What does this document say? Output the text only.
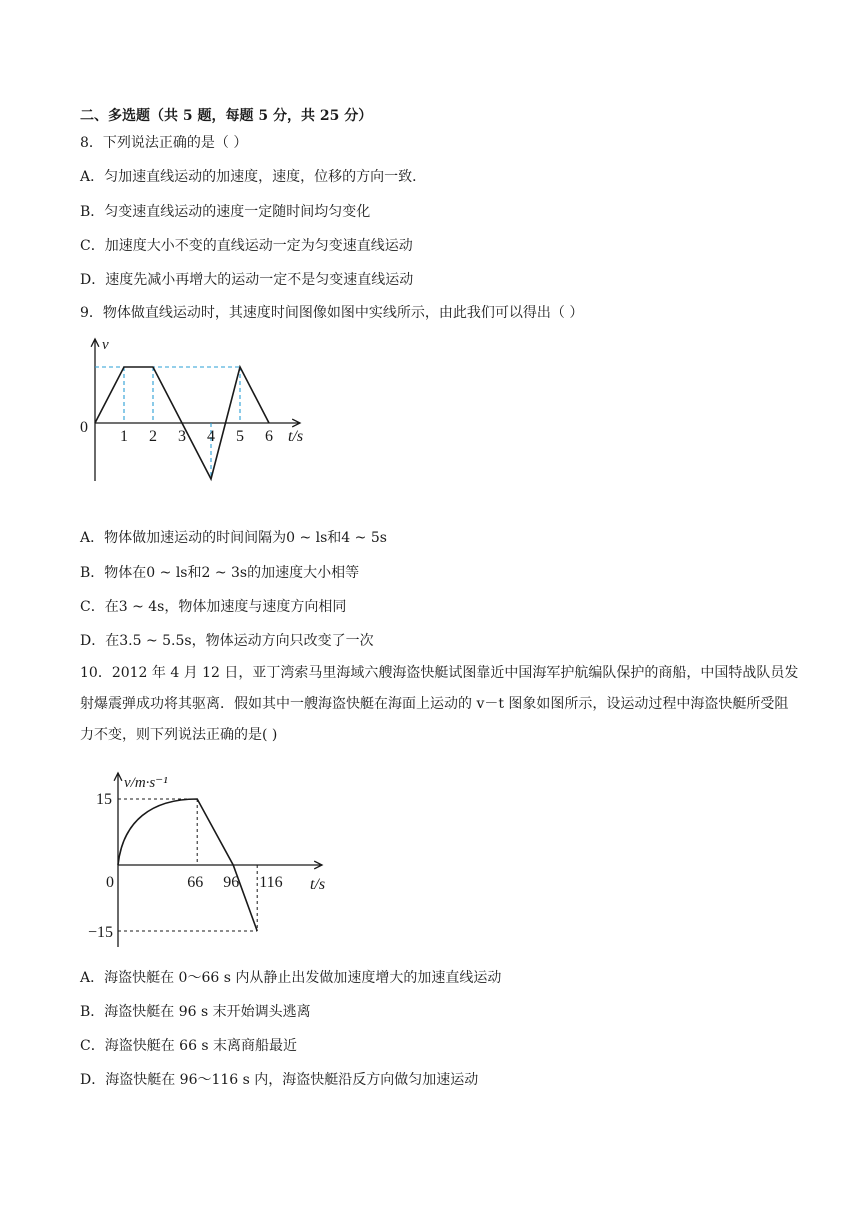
二、多选题（共 5 题，每题 5 分，共 25 分）
8．下列说法正确的是（ ）
A．匀加速直线运动的加速度，速度，位移的方向一致．
B．匀变速直线运动的速度一定随时间均匀变化
C．加速度大小不变的直线运动一定为匀变速直线运动
D．速度先减小再增大的运动一定不是匀变速直线运动
9．物体做直线运动时，其速度时间图像如图中实线所示，由此我们可以得出（ ）
v
0
t/s
1 2 3 4 5 6
A．物体做加速运动的时间间隔为0 ~ ls和4 ~ 5s
B．物体在0 ~ ls和2 ~ 3s的加速度大小相等
C．在3 ~ 4s，物体加速度与速度方向相同
D．在3.5 ~ 5.5s，物体运动方向只改变了一次
10．2012 年 4 月 12 日，亚丁湾索马里海域六艘海盗快艇试图靠近中国海军护航编队保护的商船，中国特战队员发射爆震弹成功将其驱离．假如其中一艘海盗快艇在海面上运动的 v－t 图象如图所示，设运动过程中海盗快艇所受阻力不变，则下列说法正确的是( )
v/m·s⁻¹
0	t/s
66 96 116
15
−15
A．海盗快艇在 0～66 s 内从静止出发做加速度增大的加速直线运动
B．海盗快艇在 96 s 末开始调头逃离
C．海盗快艇在 66 s 末离商船最近
D．海盗快艇在 96～116 s 内，海盗快艇沿反方向做匀加速运动
